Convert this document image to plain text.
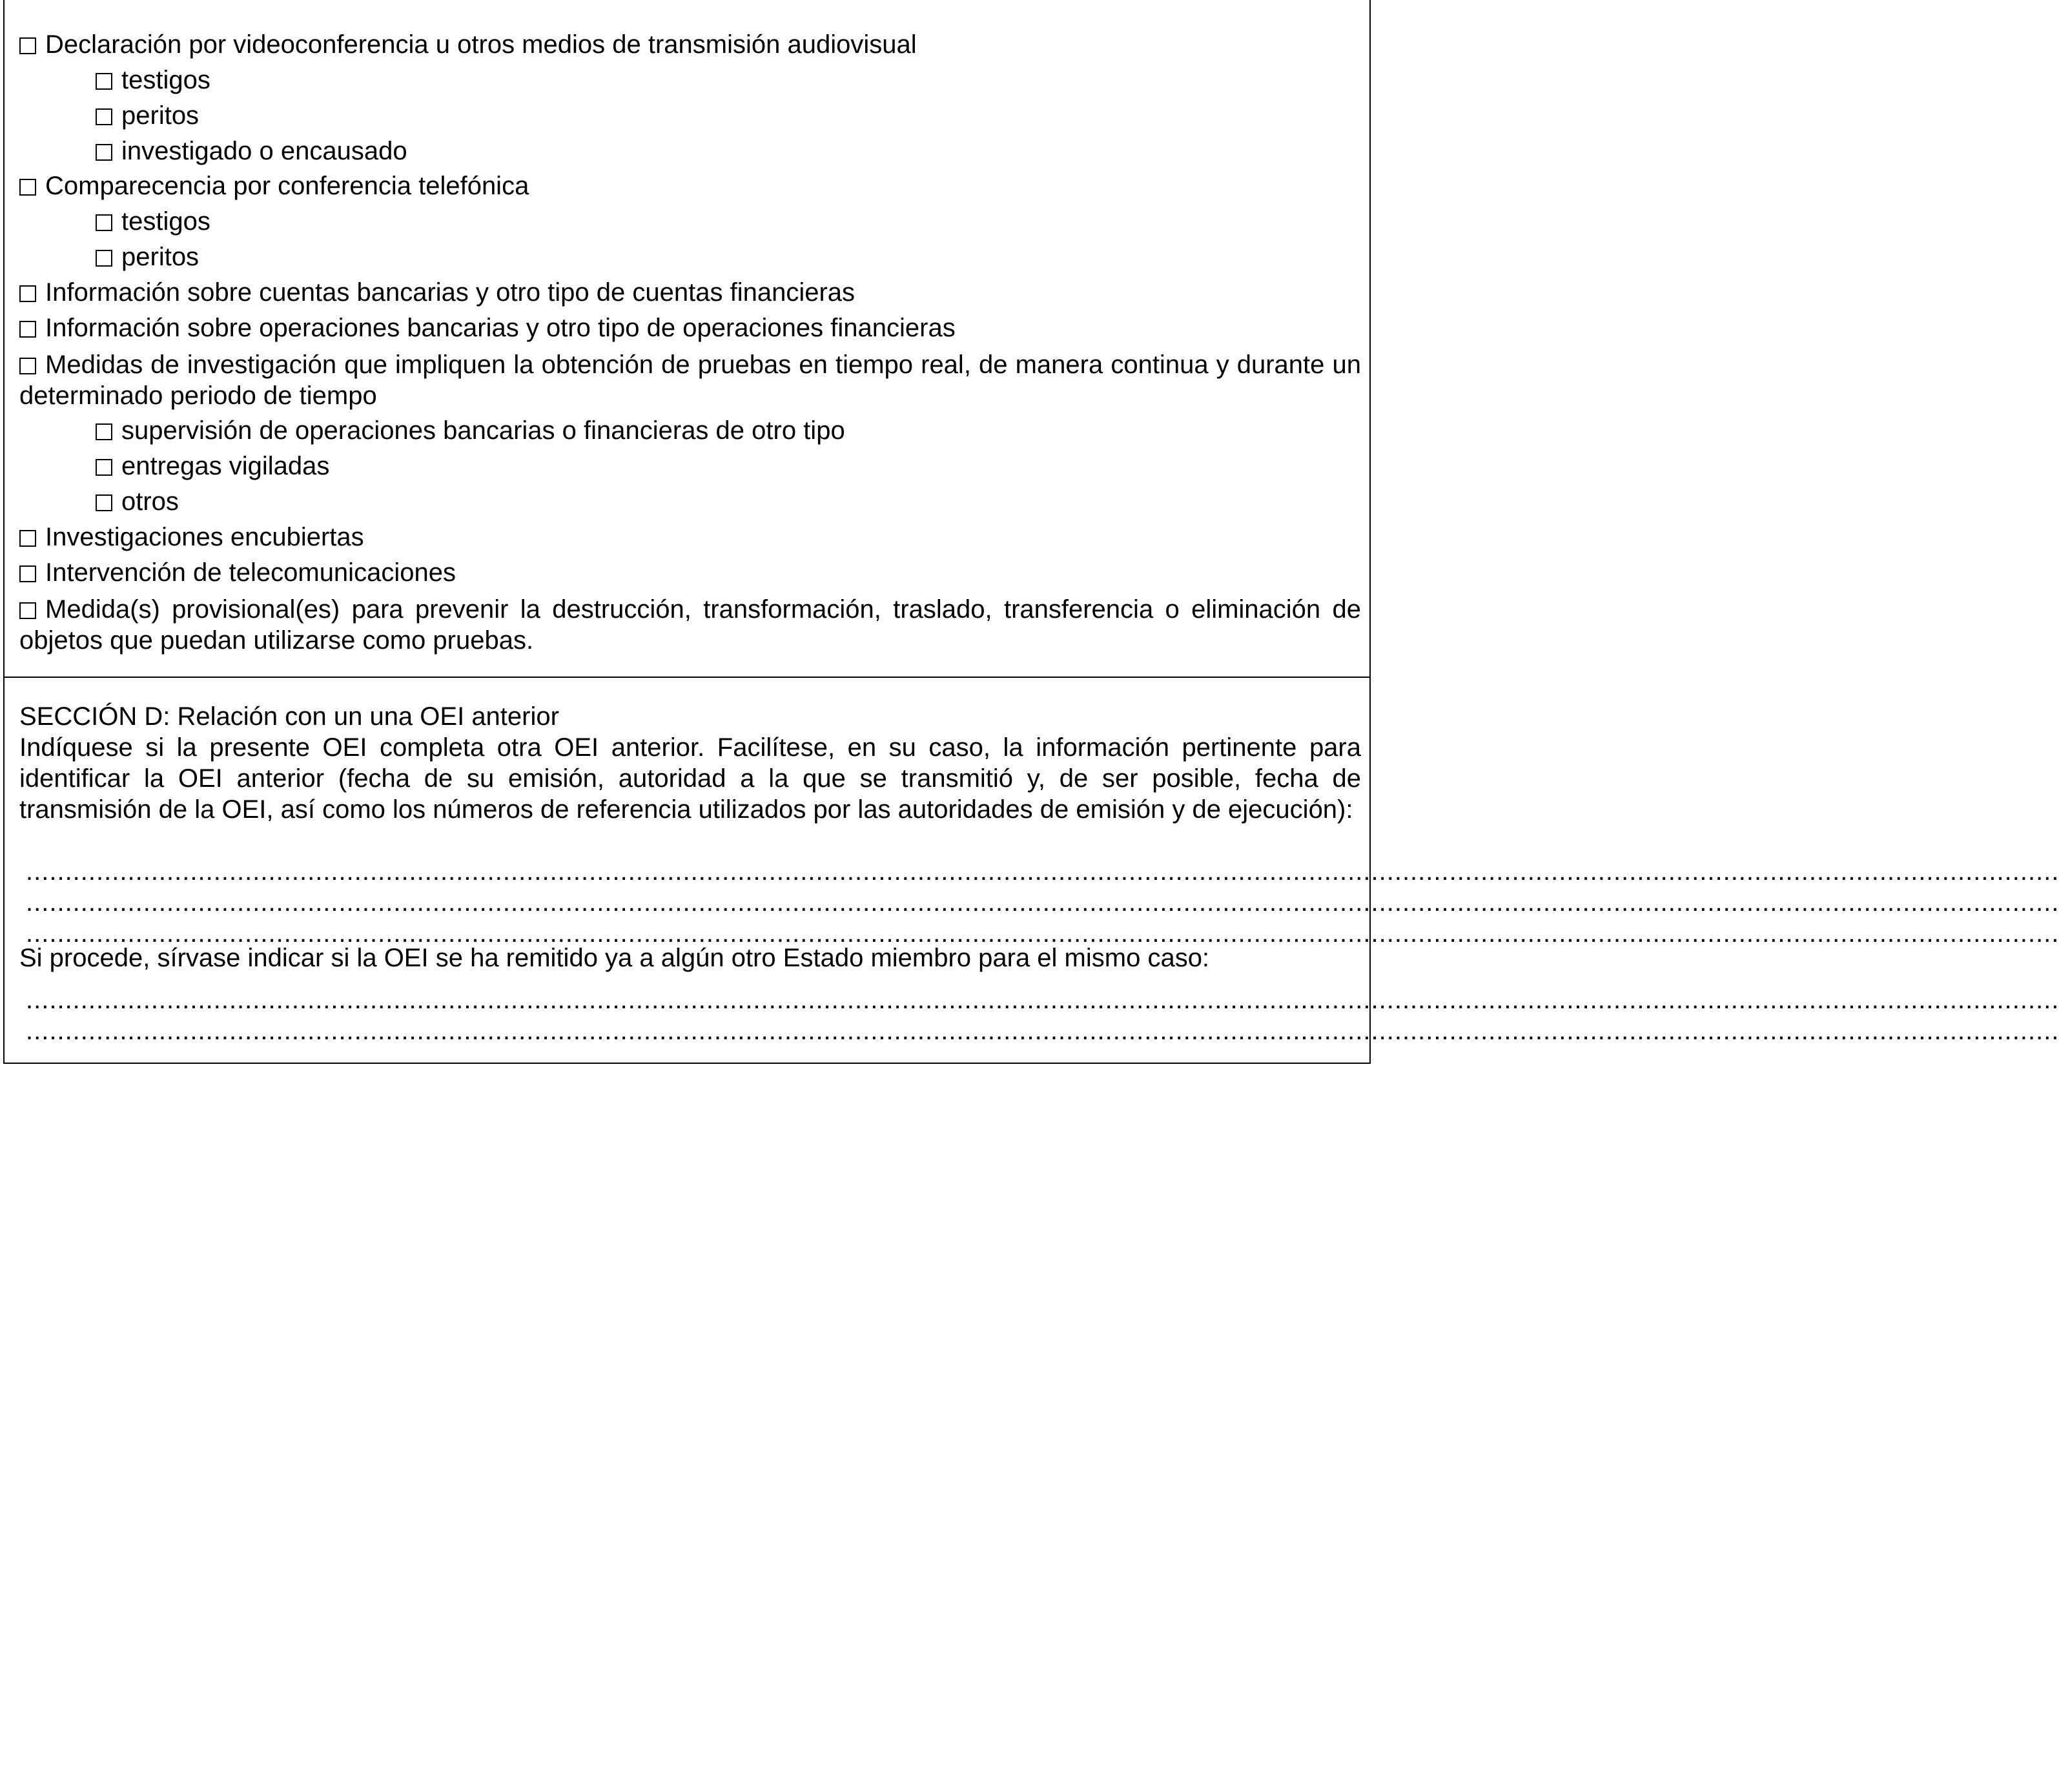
Declaración por videoconferencia u otros medios de transmisión audiovisual
testigos
peritos
investigado o encausado
Comparecencia por conferencia telefónica
testigos
peritos
Información sobre cuentas bancarias y otro tipo de cuentas financieras
Información sobre operaciones bancarias y otro tipo de operaciones financieras
Medidas de investigación que impliquen la obtención de pruebas en tiempo real, de manera continua y durante un determinado periodo de tiempo
supervisión de operaciones bancarias o financieras de otro tipo
entregas vigiladas
otros
Investigaciones encubiertas
Intervención de telecomunicaciones
Medida(s) provisional(es) para prevenir la destrucción, transformación, traslado, transferencia o eliminación de objetos que puedan utilizarse como pruebas.
SECCIÓN D: Relación con un una OEI anterior
Indíquese si la presente OEI completa otra OEI anterior. Facilítese, en su caso, la información pertinente para identificar la OEI anterior (fecha de su emisión, autoridad a la que se transmitió y, de ser posible, fecha de transmisión de la OEI, así como los números de referencia utilizados por las autoridades de emisión y de ejecución):
....................................................................................................................................................................................................................................................................
....................................................................................................................................................................................................................................................................
....................................................................................................................................................................................................................................................................
Si procede, sírvase indicar si la OEI se ha remitido ya a algún otro Estado miembro para el mismo caso:
....................................................................................................................................................................................................................................................................
....................................................................................................................................................................................................................................................................
